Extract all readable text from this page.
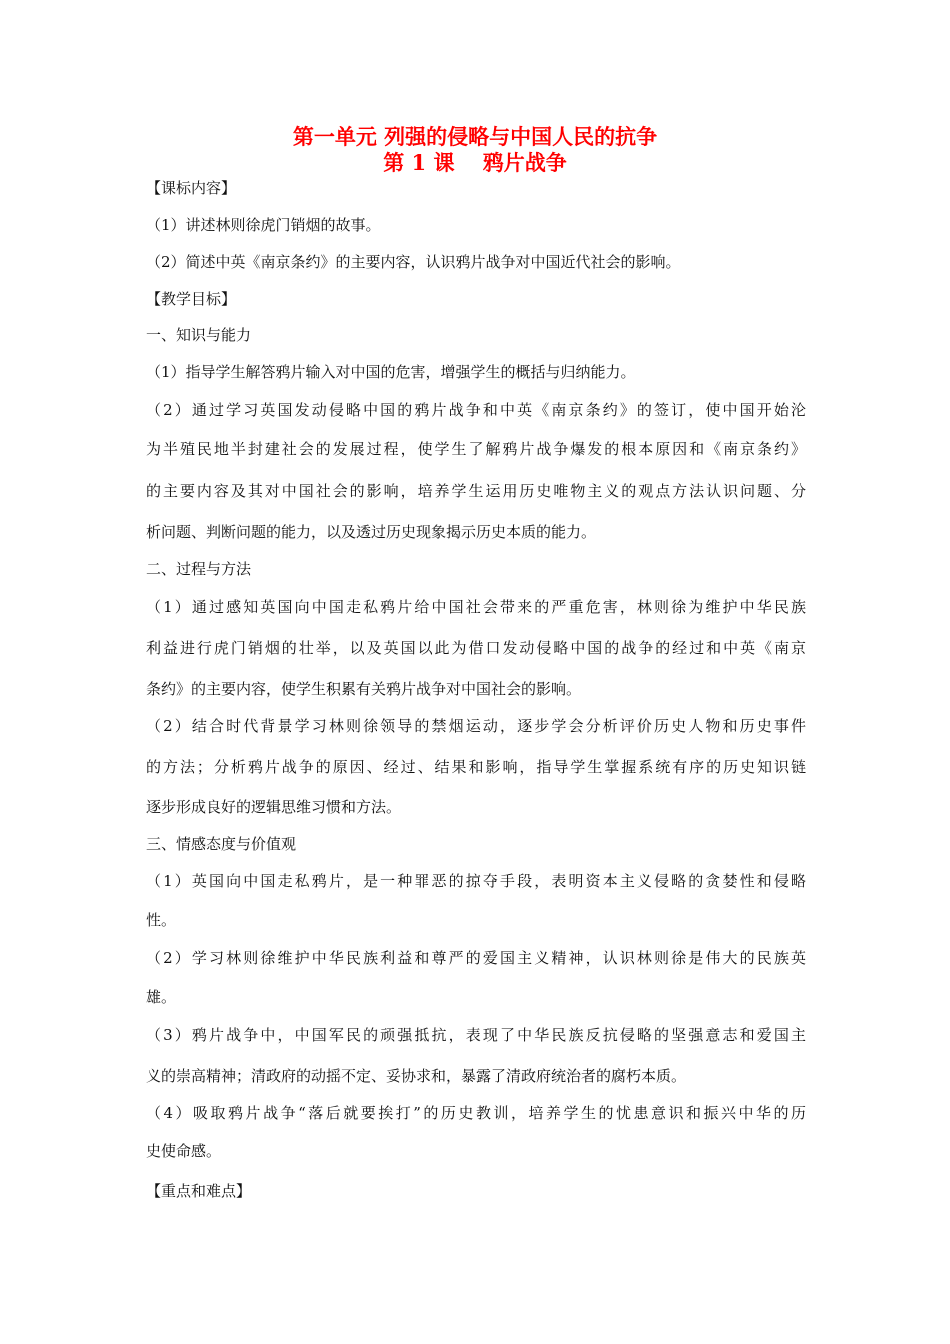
第一单元 列强的侵略与中国人民的抗争
第 1 课　 鸦片战争
【课标内容】
（1）讲述林则徐虎门销烟的故事。
（2）简述中英《南京条约》的主要内容，认识鸦片战争对中国近代社会的影响。
【教学目标】
一、知识与能力
（1）指导学生解答鸦片输入对中国的危害，增强学生的概括与归纳能力。
（2）通过学习英国发动侵略中国的鸦片战争和中英《南京条约》的签订，使中国开始沦
为半殖民地半封建社会的发展过程，使学生了解鸦片战争爆发的根本原因和《南京条约》
的主要内容及其对中国社会的影响，培养学生运用历史唯物主义的观点方法认识问题、分
析问题、判断问题的能力，以及透过历史现象揭示历史本质的能力。
二、过程与方法
（1）通过感知英国向中国走私鸦片给中国社会带来的严重危害，林则徐为维护中华民族
利益进行虎门销烟的壮举，以及英国以此为借口发动侵略中国的战争的经过和中英《南京
条约》的主要内容，使学生积累有关鸦片战争对中国社会的影响。
（2）结合时代背景学习林则徐领导的禁烟运动，逐步学会分析评价历史人物和历史事件
的方法；分析鸦片战争的原因、经过、结果和影响，指导学生掌握系统有序的历史知识链
逐步形成良好的逻辑思维习惯和方法。
三、情感态度与价值观
（1）英国向中国走私鸦片，是一种罪恶的掠夺手段，表明资本主义侵略的贪婪性和侵略
性。
（2）学习林则徐维护中华民族利益和尊严的爱国主义精神，认识林则徐是伟大的民族英
雄。
（3）鸦片战争中，中国军民的顽强抵抗，表现了中华民族反抗侵略的坚强意志和爱国主
义的崇高精神；清政府的动摇不定、妥协求和，暴露了清政府统治者的腐朽本质。
（4）吸取鸦片战争“落后就要挨打”的历史教训，培养学生的忧患意识和振兴中华的历
史使命感。
【重点和难点】
